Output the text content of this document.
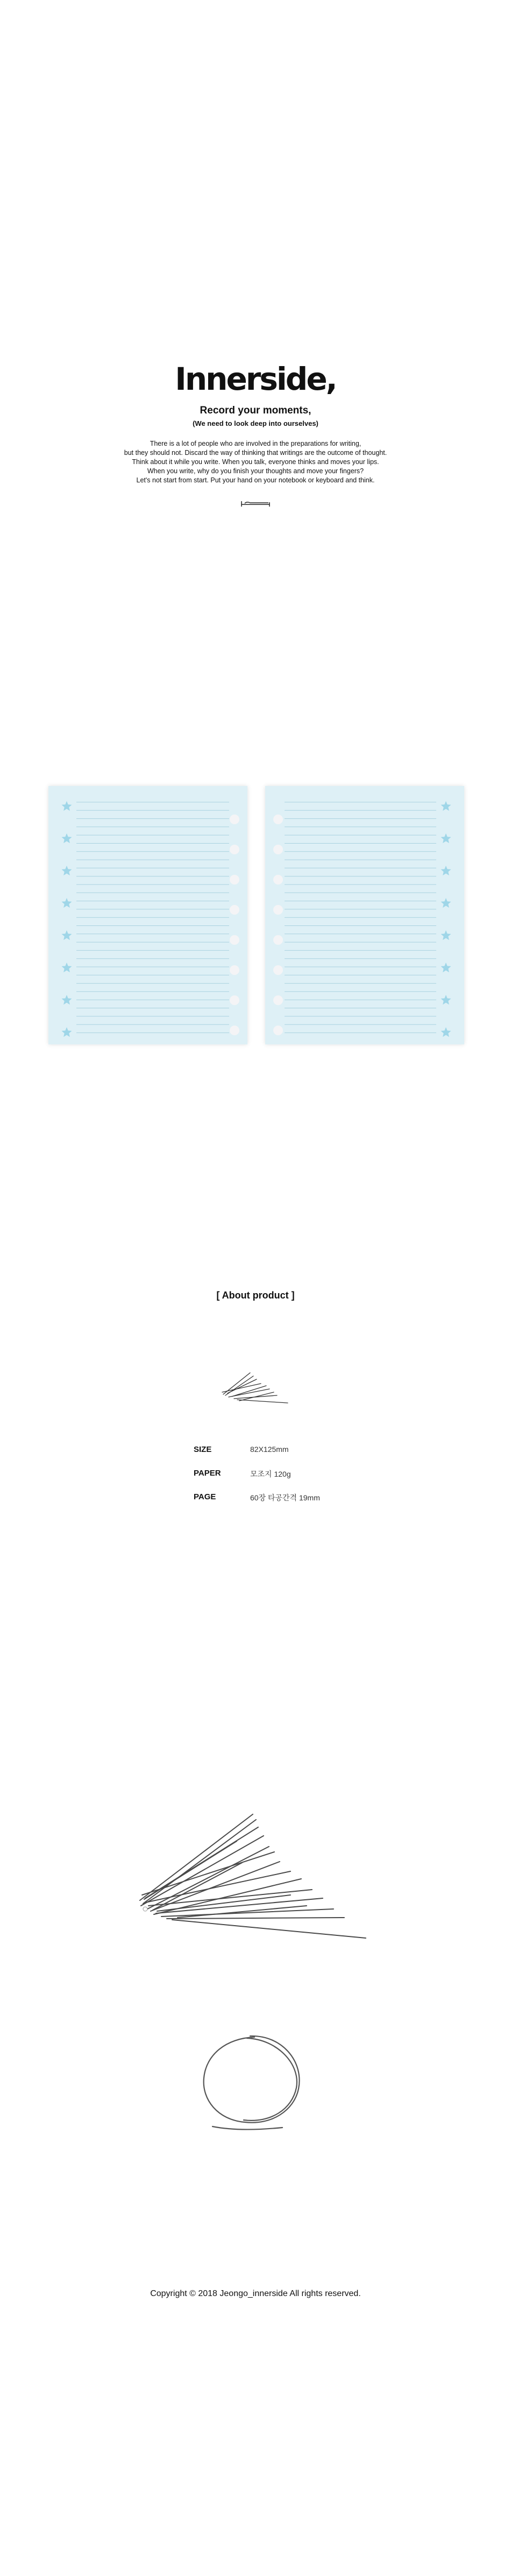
Innerside,
Record your moments,
(We need to look deep into ourselves)
There is a lot of people who are involved in the preparations for writing,
but they should not. Discard the way of thinking that writings are the outcome of thought.
Think about it while you write. When you talk, everyone thinks and moves your lips.
When you write, why do you finish your thoughts and move your fingers?
Let's not start from start. Put your hand on your notebook or keyboard and think.
[ About product ]
SIZE	82X125mm
PAPER	모조지 120g
PAGE	60장 타공간격 19mm
Copyright © 2018 Jeongo_innerside All rights reserved.
